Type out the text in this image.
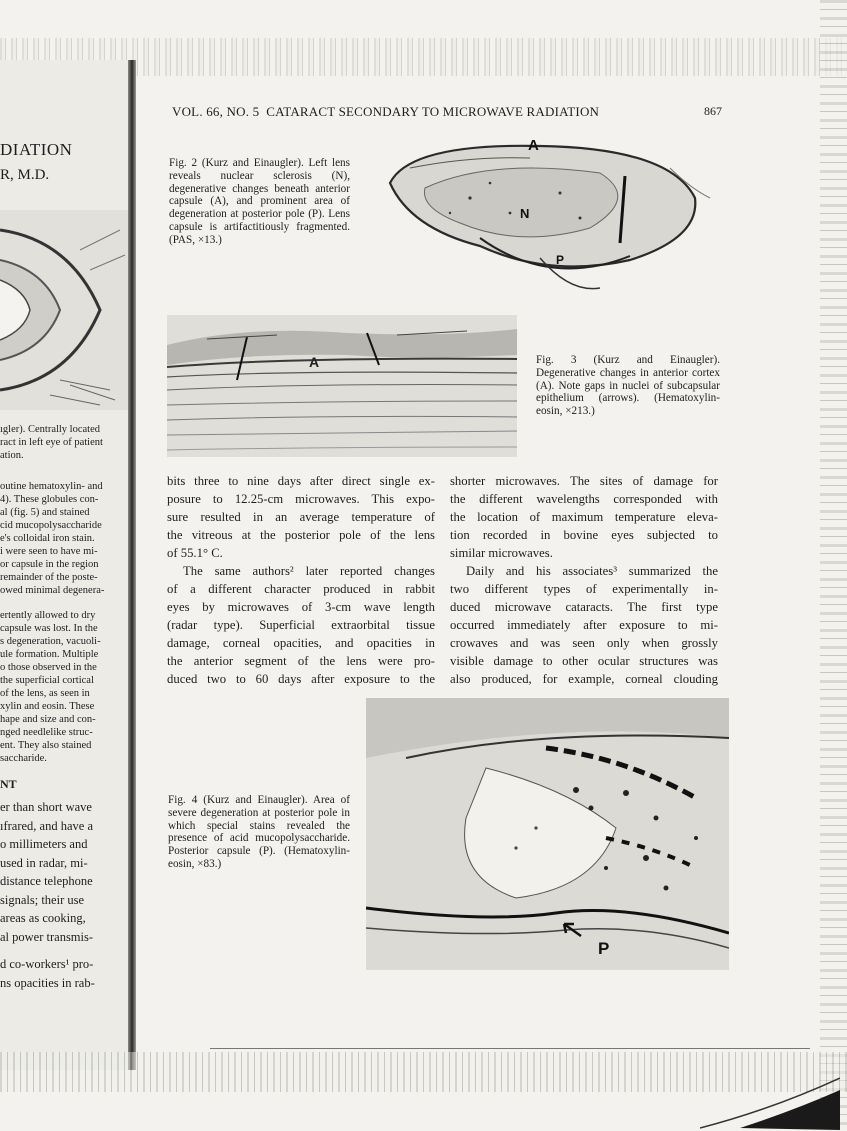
DIATION
R, M.D.
ıgler). Centrally located
ract in left eye of patient
ation.
outine hematoxylin- and
4). These globules con-
al (fig. 5) and stained
cid mucopolysaccharide
e's colloidal iron stain.
i were seen to have mi-
or capsule in the region
remainder of the poste-
owed minimal degenera-
ertently allowed to dry
capsule was lost. In the
s degeneration, vacuoli-
ule formation. Multiple
o those observed in the
the superficial cortical
of the lens, as seen in
xylin and eosin. These
hape and size and con-
nged needlelike struc-
ent. They also stained
saccharide.
NT
er than short wave
ıfrared, and have a
o millimeters and
used in radar, mi-
distance telephone
signals; their use
areas as cooking,
al power transmis-
d co-workers¹ pro-
ns opacities in rab-
VOL. 66, NO. 5 CATARACT SECONDARY TO MICROWAVE RADIATION	867

Fig. 2 (Kurz and Einaugler). Left lens reveals nuclear sclerosis (N), degenerative changes beneath anterior capsule (A), and prominent area of degeneration at posterior pole (P). Lens capsule is artifactitiously fragmented. (PAS, ×13.)

A
N
P
A	Fig. 3 (Kurz and Einaugler). Degenerative changes in anterior cortex (A). Note gaps in nuclei of subcapsular epithelium (arrows). (Hematoxylin-eosin, ×213.)

bits three to nine days after direct single ex-
posure to 12.25-cm microwaves. This expo-
sure resulted in an average temperature of
the vitreous at the posterior pole of the lens
of 55.1° C.

The same authors² later reported changes
of a different character produced in rabbit
eyes by microwaves of 3-cm wave length
(radar type). Superficial extraorbital tissue
damage, corneal opacities, and opacities in
the anterior segment of the lens were pro-
duced two to 60 days after exposure to the

shorter microwaves. The sites of damage for
the different wavelengths corresponded with
the location of maximum temperature eleva-
tion recorded in bovine eyes subjected to
similar microwaves.

Daily and his associates³ summarized the
two different types of experimentally in-
duced microwave cataracts. The first type
occurred immediately after exposure to mi-
crowaves and was seen only when grossly
visible damage to other ocular structures was
also produced, for example, corneal clouding

Fig. 4 (Kurz and Einaugler). Area of severe degeneration at posterior pole in which special stains revealed the presence of acid mucopolysaccharide. Posterior capsule (P). (Hematoxylin-eosin, ×83.)

P
